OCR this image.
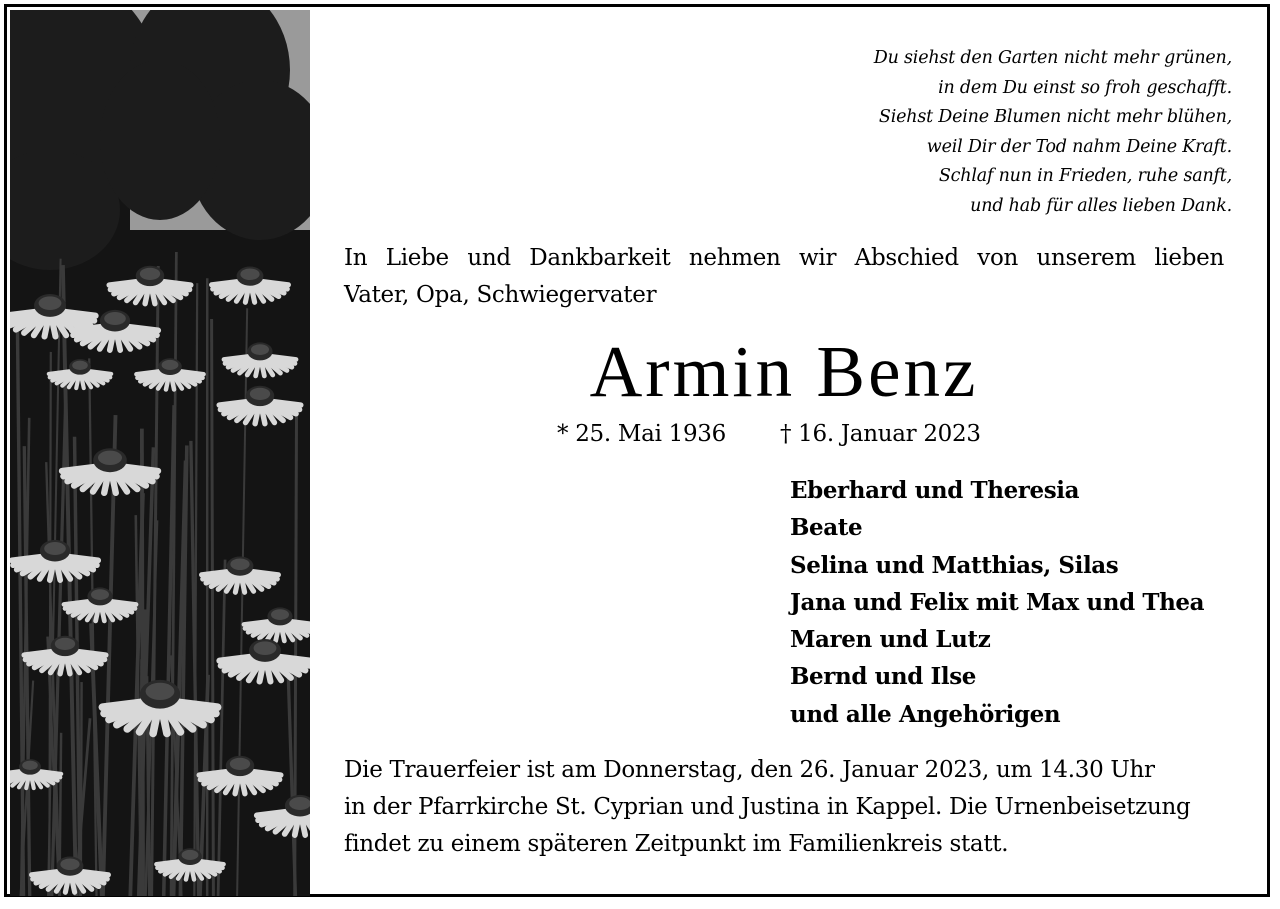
Du siehst den Garten nicht mehr grünen,
in dem Du einst so froh geschafft.
Siehst Deine Blumen nicht mehr blühen,
weil Dir der Tod nahm Deine Kraft.
Schlaf nun in Frieden, ruhe sanft,
und hab für alles lieben Dank.
In Liebe und Dankbarkeit nehmen wir Abschied von unserem lieben
Vater, Opa, Schwiegervater
Armin Benz
* 25. Mai 1936 † 16. Januar 2023
Eberhard und Theresia
Beate
Selina und Matthias, Silas
Jana und Felix mit Max und Thea
Maren und Lutz
Bernd und Ilse
und alle Angehörigen
Die Trauerfeier ist am Donnerstag, den 26. Januar 2023, um 14.30 Uhr
in der Pfarrkirche St. Cyprian und Justina in Kappel. Die Urnenbeisetzung
findet zu einem späteren Zeitpunkt im Familienkreis statt.
